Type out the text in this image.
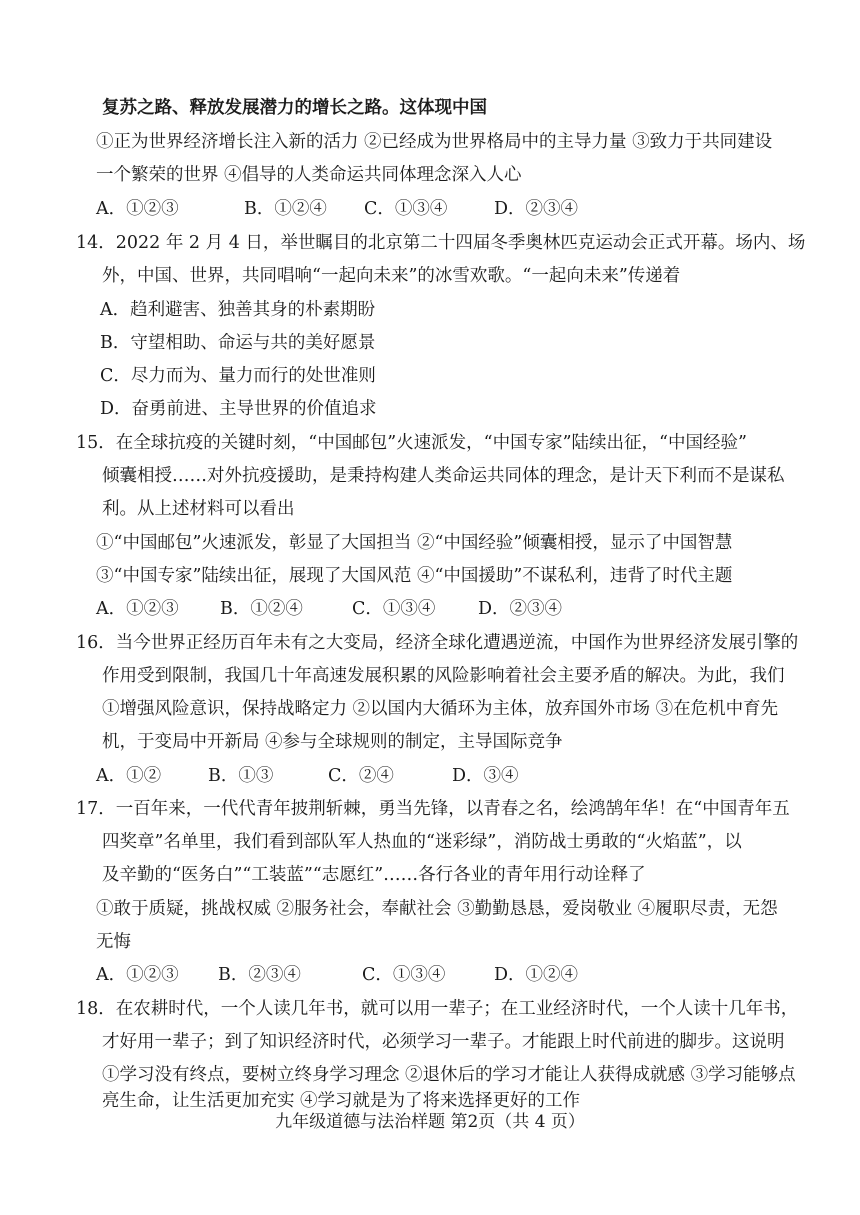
复苏之路、释放发展潜力的增长之路。这体现中国
①正为世界经济增长注入新的活力 ②已经成为世界格局中的主导力量 ③致力于共同建设
一个繁荣的世界 ④倡导的人类命运共同体理念深入人心
A．①②③	B．①②④ C．①③④	D．②③④
14．2022 年 2 月 4 日，举世瞩目的北京第二十四届冬季奥林匹克运动会正式开幕。场内、场
外，中国、世界，共同唱响“一起向未来”的冰雪欢歌。“一起向未来”传递着
A．趋利避害、独善其身的朴素期盼
B．守望相助、命运与共的美好愿景
C．尽力而为、量力而行的处世准则
D．奋勇前进、主导世界的价值追求
15．在全球抗疫的关键时刻，“中国邮包”火速派发，“中国专家”陆续出征，“中国经验”
倾囊相授……对外抗疫援助，是秉持构建人类命运共同体的理念，是计天下利而不是谋私
利。从上述材料可以看出
①“中国邮包”火速派发，彰显了大国担当 ②“中国经验”倾囊相授，显示了中国智慧
③“中国专家”陆续出征，展现了大国风范 ④“中国援助”不谋私利，违背了时代主题
A．①②③ B．①②④	C．①③④ D．②③④
16．当今世界正经历百年未有之大变局，经济全球化遭遇逆流，中国作为世界经济发展引擎的
作用受到限制，我国几十年高速发展积累的风险影响着社会主要矛盾的解决。为此，我们
①增强风险意识，保持战略定力 ②以国内大循环为主体，放弃国外市场 ③在危机中育先
机，于变局中开新局 ④参与全球规则的制定，主导国际竞争
A．①②	B．①③	C．②④	D．③④
17．一百年来，一代代青年披荆斩棘，勇当先锋，以青春之名，绘鸿鹄年华！在“中国青年五
四奖章”名单里，我们看到部队军人热血的“迷彩绿”，消防战士勇敢的“火焰蓝”，以
及辛勤的“医务白”“工装蓝”“志愿红”……各行各业的青年用行动诠释了
①敢于质疑，挑战权威 ②服务社会，奉献社会 ③勤勤恳恳，爱岗敬业 ④履职尽责，无怨
无悔
A．①②③ B．②③④	C．①③④	D．①②④
18．在农耕时代，一个人读几年书，就可以用一辈子；在工业经济时代，一个人读十几年书，
才好用一辈子；到了知识经济时代，必须学习一辈子。才能跟上时代前进的脚步。这说明
①学习没有终点，要树立终身学习理念 ②退休后的学习才能让人获得成就感 ③学习能够点
亮生命，让生活更加充实 ④学习就是为了将来选择更好的工作
九年级道德与法治样题 第2页（共 4 页）
